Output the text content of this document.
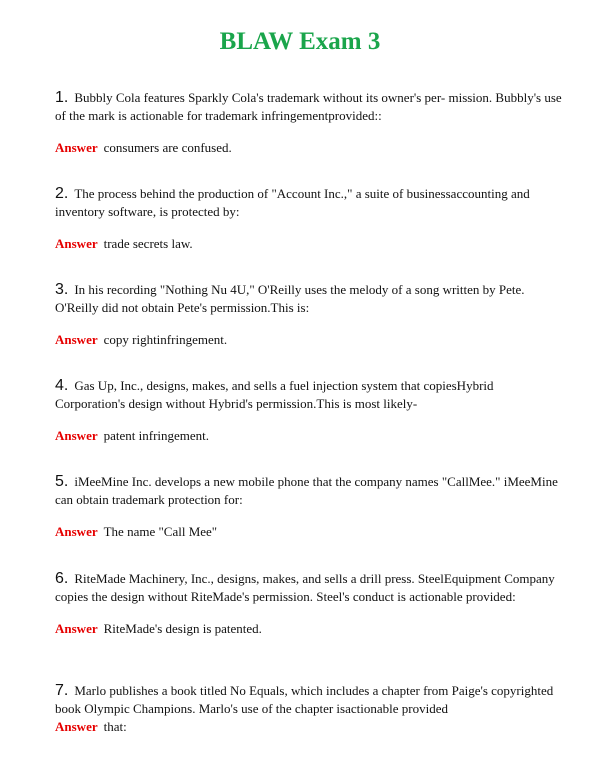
BLAW Exam 3

1. Bubbly Cola features Sparkly Cola's trademark without its owner's per- mission. Bubbly's use of the mark is actionable for trademark infringementprovided::

Answer consumers are confused.

2. The process behind the production of "Account Inc.," a suite of businessaccounting and inventory software, is protected by:

Answer trade secrets law.

3. In his recording "Nothing Nu 4U," O'Reilly uses the melody of a song written by Pete. O'Reilly did not obtain Pete's permission.This is:

Answer copy rightinfringement.

4. Gas Up, Inc., designs, makes, and sells a fuel injection system that copiesHybrid Corporation's design without Hybrid's permission.This is most likely-

Answer patent infringement.

5. iMeeMine Inc. develops a new mobile phone that the company names "CallMee." iMeeMine can obtain trademark protection for:

Answer The name "Call Mee"

6. RiteMade Machinery, Inc., designs, makes, and sells a drill press. SteelEquipment Company copies the design without RiteMade's permission. Steel's conduct is actionable provided:

Answer RiteMade's design is patented.

7. Marlo publishes a book titled No Equals, which includes a chapter from Paige's copyrighted book Olympic Champions. Marlo's use of the chapter isactionable provided

Answer that:
